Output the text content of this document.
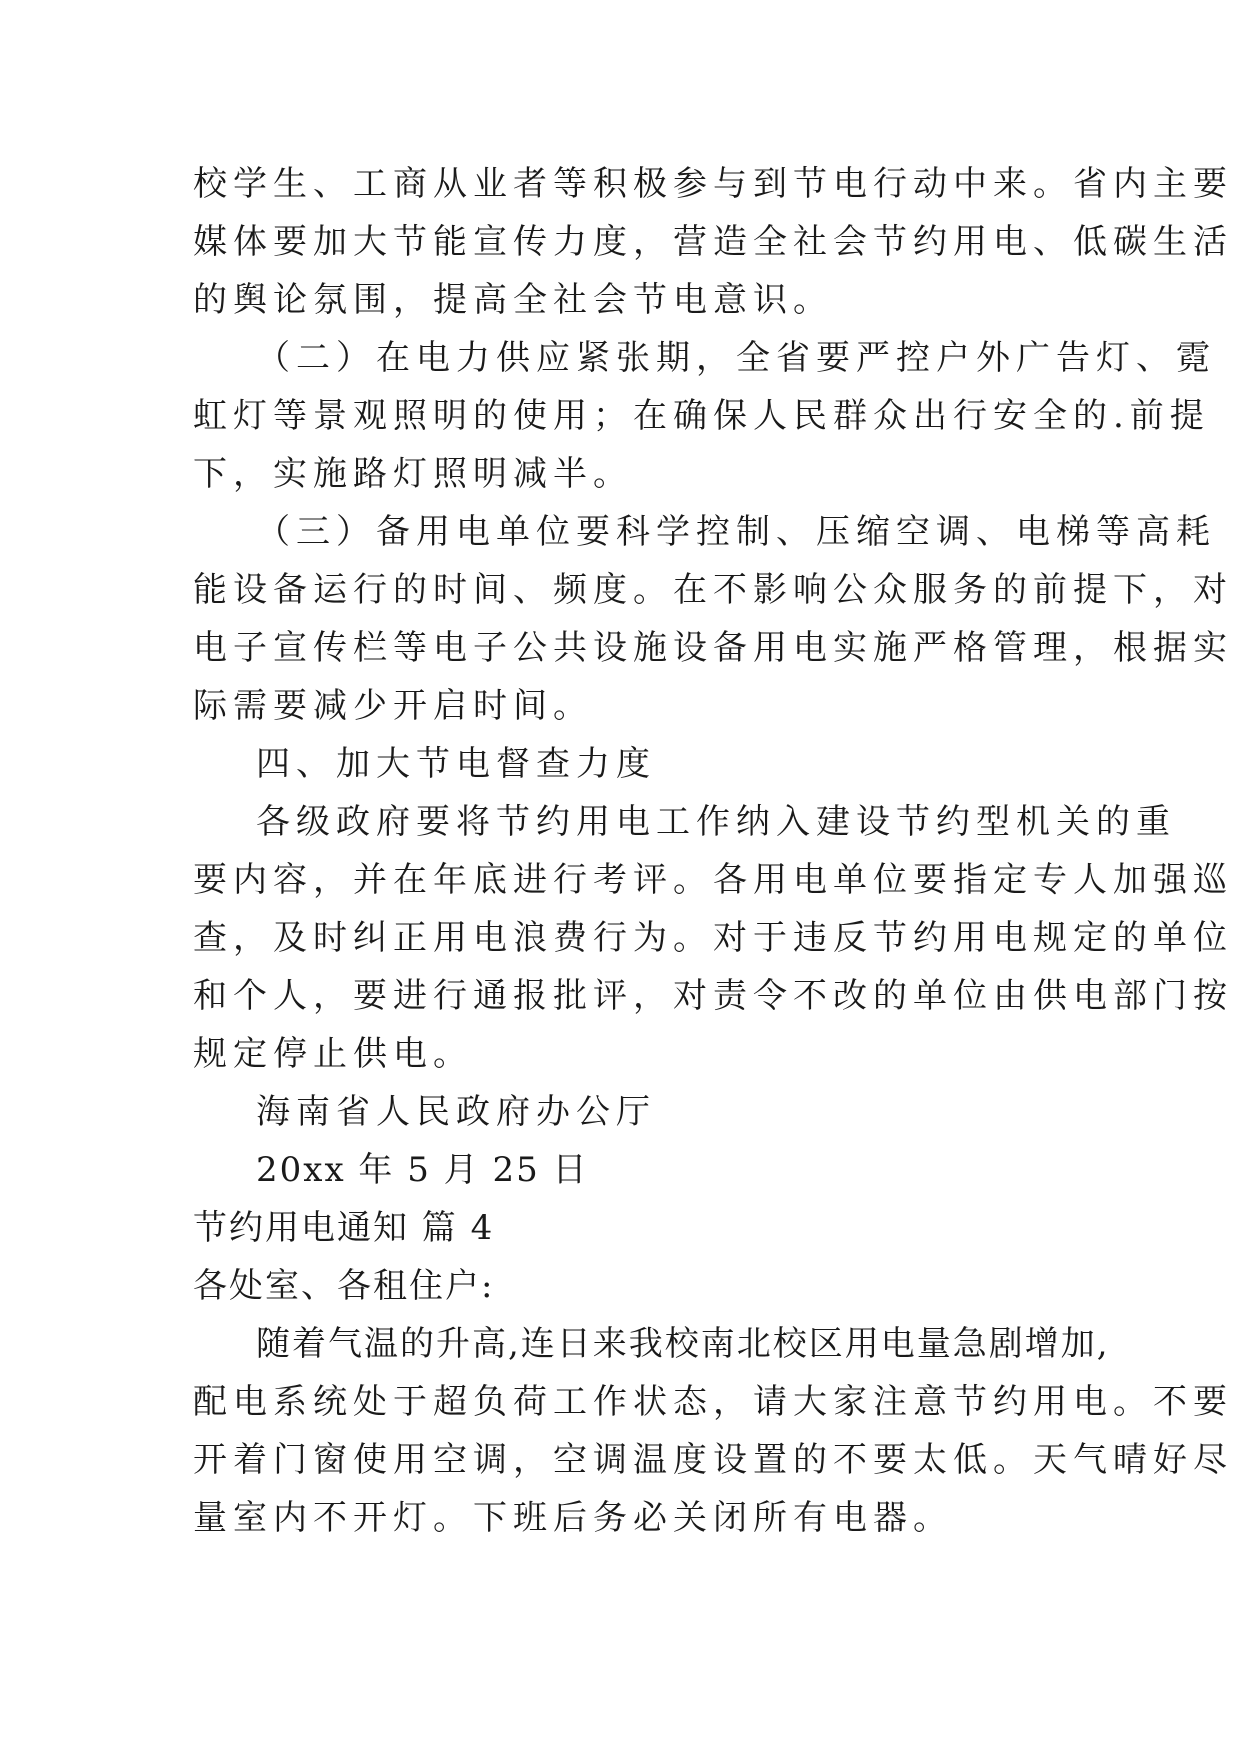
校学生、工商从业者等积极参与到节电行动中来。省内主要
媒体要加大节能宣传力度，营造全社会节约用电、低碳生活
的舆论氛围，提高全社会节电意识。
（二）在电力供应紧张期，全省要严控户外广告灯、霓
虹灯等景观照明的使用；在确保人民群众出行安全的.前提
下，实施路灯照明减半。
（三）备用电单位要科学控制、压缩空调、电梯等高耗
能设备运行的时间、频度。在不影响公众服务的前提下，对
电子宣传栏等电子公共设施设备用电实施严格管理，根据实
际需要减少开启时间。
四、加大节电督查力度
各级政府要将节约用电工作纳入建设节约型机关的重
要内容，并在年底进行考评。各用电单位要指定专人加强巡
查，及时纠正用电浪费行为。对于违反节约用电规定的单位
和个人，要进行通报批评，对责令不改的单位由供电部门按
规定停止供电。
海南省人民政府办公厅
20xx 年 5 月 25 日
节约用电通知 篇 4
各处室、各租住户:
随着气温的升高,连日来我校南北校区用电量急剧增加,
配电系统处于超负荷工作状态，请大家注意节约用电。不要
开着门窗使用空调，空调温度设置的不要太低。天气晴好尽
量室内不开灯。下班后务必关闭所有电器。
